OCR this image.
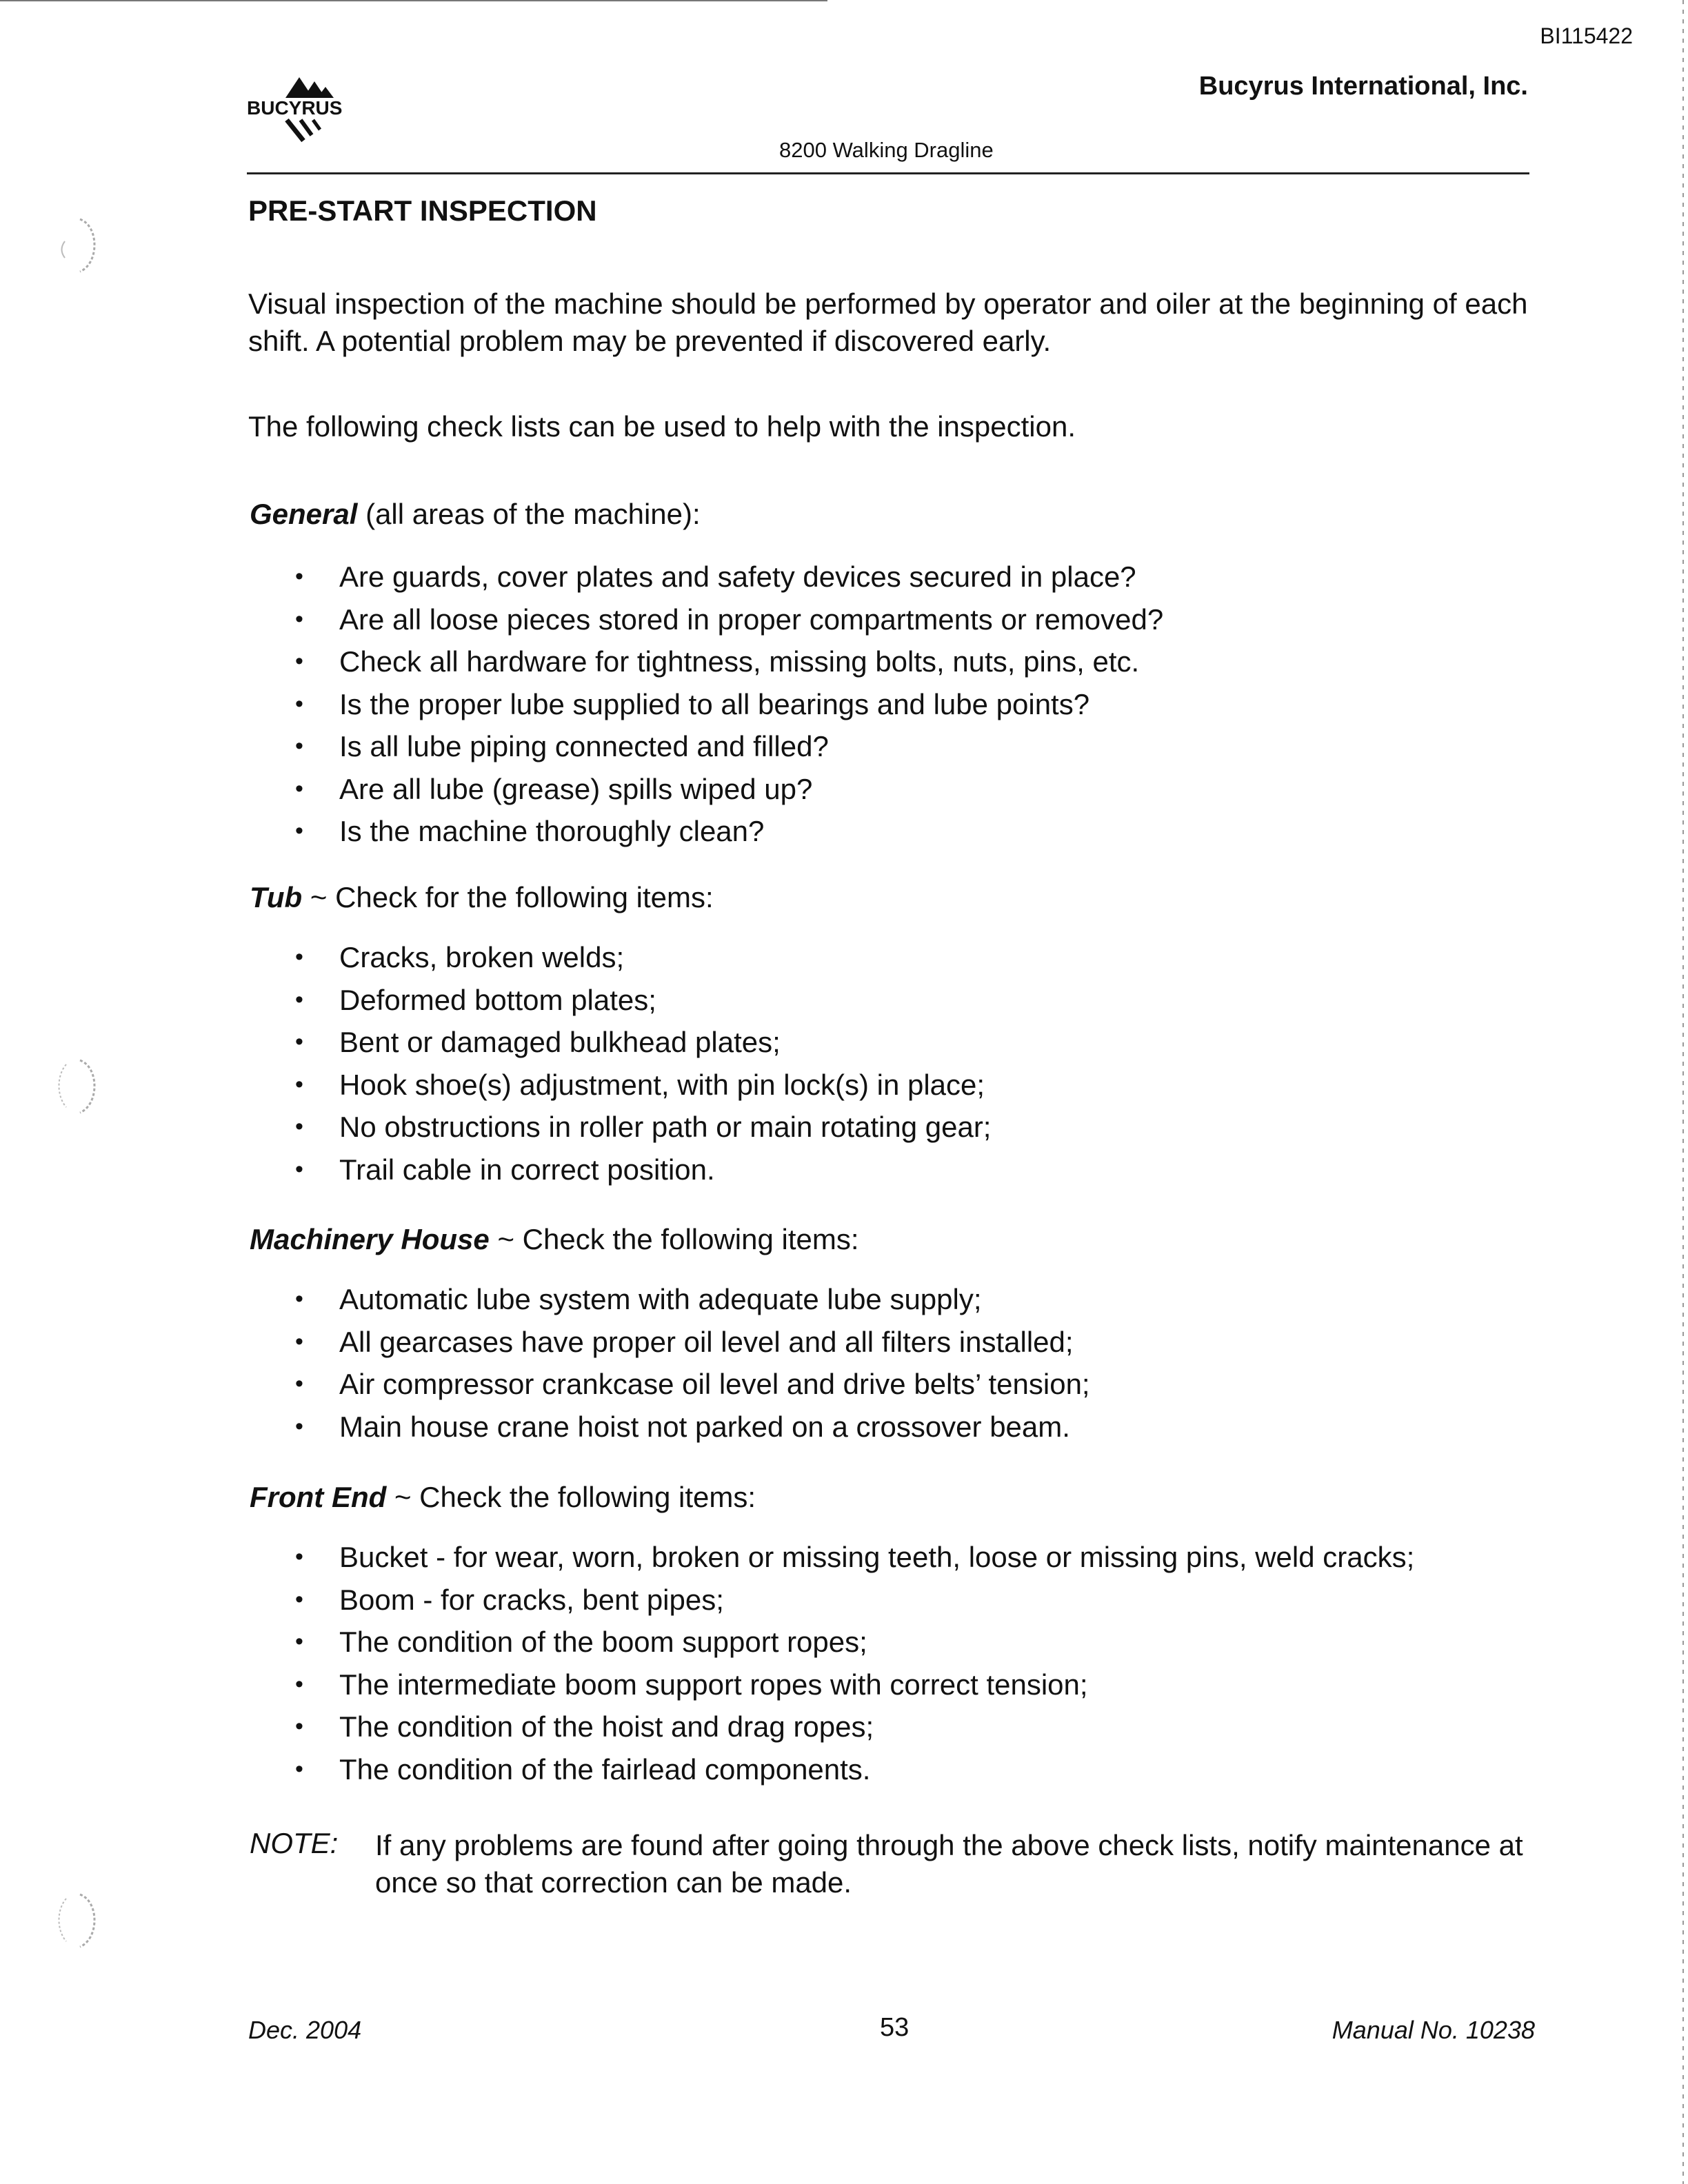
BI115422
BUCYRUS
Bucyrus International, Inc.
8200 Walking Dragline
PRE-START INSPECTION
Visual inspection of the machine should be performed by operator and oiler at the beginning of each shift. A potential problem may be prevented if discovered early.
The following check lists can be used to help with the inspection.
General (all areas of the machine):
• Are guards, cover plates and safety devices secured in place?
• Are all loose pieces stored in proper compartments or removed?
• Check all hardware for tightness, missing bolts, nuts, pins, etc.
• Is the proper lube supplied to all bearings and lube points?
• Is all lube piping connected and filled?
• Are all lube (grease) spills wiped up?
• Is the machine thoroughly clean?
Tub ~ Check for the following items:
• Cracks, broken welds;
• Deformed bottom plates;
• Bent or damaged bulkhead plates;
• Hook shoe(s) adjustment, with pin lock(s) in place;
• No obstructions in roller path or main rotating gear;
• Trail cable in correct position.
Machinery House ~ Check the following items:
• Automatic lube system with adequate lube supply;
• All gearcases have proper oil level and all filters installed;
• Air compressor crankcase oil level and drive belts’ tension;
• Main house crane hoist not parked on a crossover beam.
Front End ~ Check the following items:
• Bucket - for wear, worn, broken or missing teeth, loose or missing pins, weld cracks;
• Boom - for cracks, bent pipes;
• The condition of the boom support ropes;
• The intermediate boom support ropes with correct tension;
• The condition of the hoist and drag ropes;
• The condition of the fairlead components.
NOTE: If any problems are found after going through the above check lists, notify maintenance at once so that correction can be made.
Dec. 2004	53	Manual No. 10238
